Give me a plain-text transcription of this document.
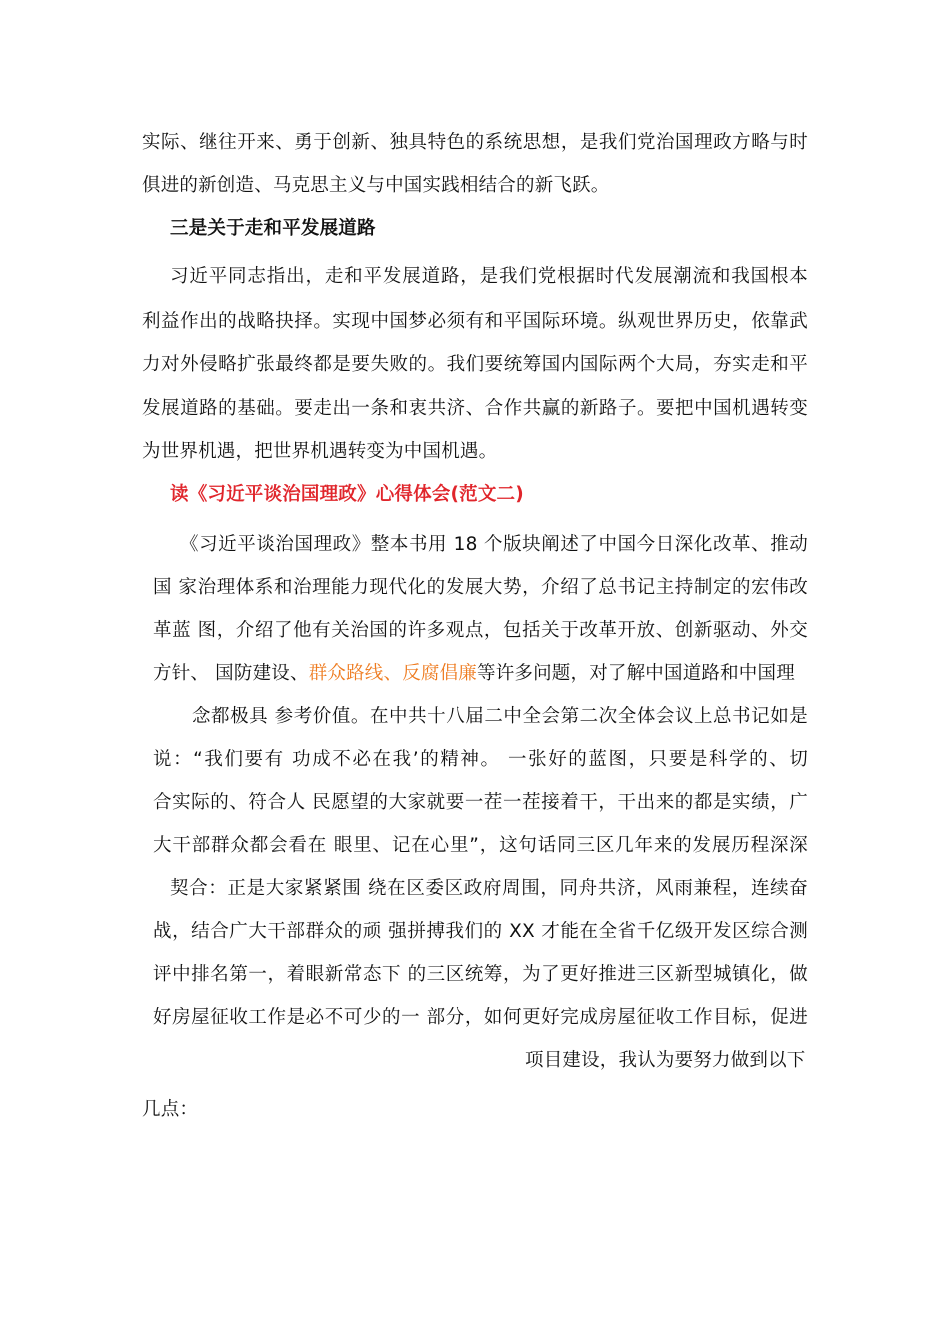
实际、继往开来、勇于创新、独具特色的系统思想，是我们党治国理政方略与时
俱进的新创造、马克思主义与中国实践相结合的新飞跃。
三是关于走和平发展道路
习近平同志指出，走和平发展道路，是我们党根据时代发展潮流和我国根本
利益作出的战略抉择。实现中国梦必须有和平国际环境。纵观世界历史，依靠武
力对外侵略扩张最终都是要失败的。我们要统筹国内国际两个大局，夯实走和平
发展道路的基础。要走出一条和衷共济、合作共赢的新路子。要把中国机遇转变
为世界机遇，把世界机遇转变为中国机遇。
读《习近平谈治国理政》心得体会(范文二)
《习近平谈治国理政》整本书用 18 个版块阐述了中国今日深化改革、推动
国 家治理体系和治理能力现代化的发展大势，介绍了总书记主持制定的宏伟改
革蓝 图，介绍了他有关治国的许多观点，包括关于改革开放、创新驱动、外交
方针、 国防建设、群众路线、反腐倡廉等许多问题，对了解中国道路和中国理
念都极具 参考价值。在中共十八届二中全会第二次全体会议上总书记如是
说：“我们要有 功成不必在我’的精神。 一张好的蓝图，只要是科学的、切
合实际的、符合人 民愿望的大家就要一茬一茬接着干，干出来的都是实绩，广
大干部群众都会看在 眼里、记在心里”，这句话同三区几年来的发展历程深深
契合：正是大家紧紧围 绕在区委区政府周围，同舟共济，风雨兼程，连续奋
战，结合广大干部群众的顽 强拼搏我们的 XX 才能在全省千亿级开发区综合测
评中排名第一，着眼新常态下 的三区统筹，为了更好推进三区新型城镇化，做
好房屋征收工作是必不可少的一 部分，如何更好完成房屋征收工作目标，促进
项目建设，我认为要努力做到以下
几点：
